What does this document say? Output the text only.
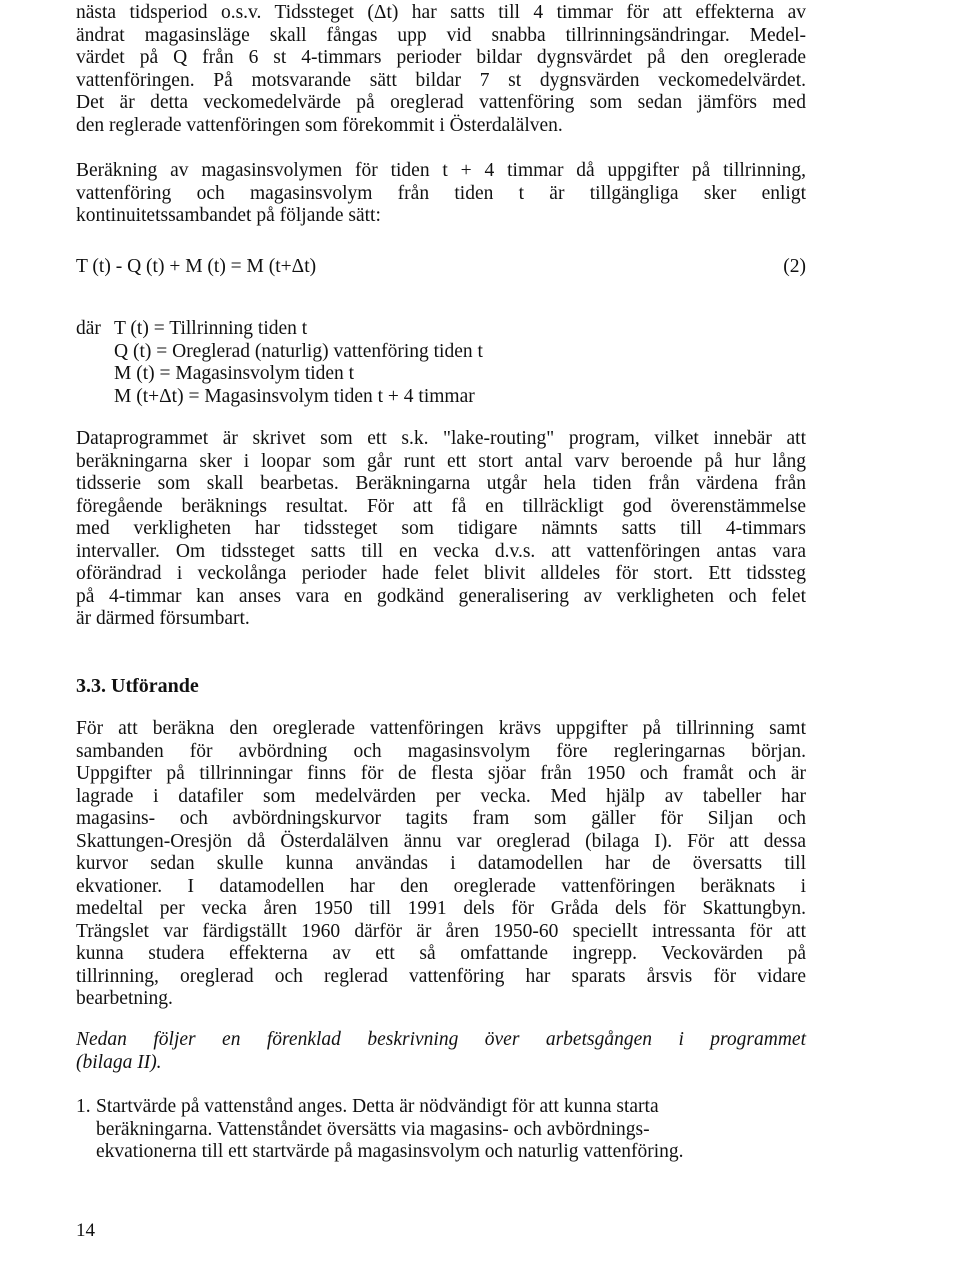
nästa tidsperiod o.s.v. Tidssteget (Δt) har satts till 4 timmar för att effekterna av
ändrat magasinsläge skall fångas upp vid snabba tillrinningsändringar. Medel-
värdet på Q från 6 st 4-timmars perioder bildar dygnsvärdet på den oreglerade
vattenföringen. På motsvarande sätt bildar 7 st dygnsvärden veckomedelvärdet.
Det är detta veckomedelvärde på oreglerad vattenföring som sedan jämförs med
den reglerade vattenföringen som förekommit i Österdalälven.
Beräkning av magasinsvolymen för tiden t + 4 timmar då uppgifter på tillrinning,
vattenföring och magasinsvolym från tiden t är tillgängliga sker enligt
kontinuitetssambandet på följande sätt:
T (t) - Q (t) + M (t) = M (t+Δt)	(2)
där T (t) = Tillrinning tiden t
Q (t) = Oreglerad (naturlig) vattenföring tiden t
M (t) = Magasinsvolym tiden t
M (t+Δt) = Magasinsvolym tiden t + 4 timmar
Dataprogrammet är skrivet som ett s.k. "lake-routing" program, vilket innebär att
beräkningarna sker i loopar som går runt ett stort antal varv beroende på hur lång
tidsserie som skall bearbetas. Beräkningarna utgår hela tiden från värdena från
föregående beräknings resultat. För att få en tillräckligt god överenstämmelse
med verkligheten har tidssteget som tidigare nämnts satts till 4-timmars
intervaller. Om tidssteget satts till en vecka d.v.s. att vattenföringen antas vara
oförändrad i veckolånga perioder hade felet blivit alldeles för stort. Ett tidssteg
på 4-timmar kan anses vara en godkänd generalisering av verkligheten och felet
är därmed försumbart.
3.3. Utförande
För att beräkna den oreglerade vattenföringen krävs uppgifter på tillrinning samt
sambanden för avbördning och magasinsvolym före regleringarnas början.
Uppgifter på tillrinningar finns för de flesta sjöar från 1950 och framåt och är
lagrade i datafiler som medelvärden per vecka. Med hjälp av tabeller har
magasins- och avbördningskurvor tagits fram som gäller för Siljan och
Skattungen-Oresjön då Österdalälven ännu var oreglerad (bilaga I). För att dessa
kurvor sedan skulle kunna användas i datamodellen har de översatts till
ekvationer. I datamodellen har den oreglerade vattenföringen beräknats i
medeltal per vecka åren 1950 till 1991 dels för Gråda dels för Skattungbyn.
Trängslet var färdigställt 1960 därför är åren 1950-60 speciellt intressanta för att
kunna studera effekterna av ett så omfattande ingrepp. Veckovärden på
tillrinning, oreglerad och reglerad vattenföring har sparats årsvis för vidare
bearbetning.
Nedan följer en förenklad beskrivning över arbetsgången i programmet
(bilaga II).
1. Startvärde på vattenstånd anges. Detta är nödvändigt för att kunna starta
beräkningarna. Vattenståndet översätts via magasins- och avbördnings-
ekvationerna till ett startvärde på magasinsvolym och naturlig vattenföring.
14
